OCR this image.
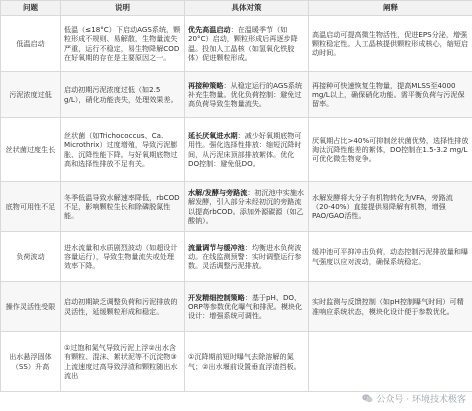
问题	说明	具体对策	阐释
低温启动	低温（≤18°C）下启动AGS系统，颗粒形成不规则、易解散，生物量流失严重，运行不稳定，易生物降解COD在好氧期的存在是主要原因之一。	优先高温启动：在温暖季节（如20°C）启动，颗粒形成后再逐步降温。投加人工晶核（如氢氧化铁胶体）促进颗粒形成。	高温启动可提高微生物活性，促进EPS分泌，增强颗粒稳定性。人工晶核提供颗粒形成核心，缩短启动时间。
污泥浓度过低	启动初期污泥浓度过低（如2.5 g/L），硝化功能丧失，处理效果差。	再接种策略：从稳定运行的AGS系统补充生物量。优化负荷控制：避免过高负荷导致生物量流失。	再接种可快速恢复生物量，提高MLSS至4000 mg/L以上，确保硝化功能。需平衡负荷与污泥保留率。
丝状菌过度生长	丝状菌（如Trichococcus、Ca. Microthrix）过度增殖，导致污泥膨胀、沉降性能下降。与好氧期底物过高和选择性排放不足有关。	延长厌氧进水期：减少好氧期底物可用性。强化选择性排放：缩短沉降时间，从污泥床顶部排放絮体。优化DO控制：避免低DO。	厌氧期占比>40%可抑制丝状菌优势，选择性排放淘汰沉降性能差的絮体，DO控制在1.5-3.2 mg/L可优化微生物竞争。
底物可用性不足	冬季低温导致水解速率降低，rbCOD不足，影响颗粒生长和除磷脱氮性能。	水解/发酵与旁路流：初沉池中实施水解发酵，引入部分未经初沉的旁路流以提高rbCOD。添加外源碳源（如乙酸钠）。	水解发酵将大分子有机物转化为VFA，旁路流（20-40%）直接提供易降解有机物，增强PAO/GAO活性。
负荷波动	进水流量和水质剧烈波动（如超设计容量运行），导致生物量流失或处理效率下降。	流量调节与缓冲池：均衡进水负荷波动。在线监测预警：实时调整运行参数。灵活调整污泥排放。	缓冲池可平抑冲击负荷，动态控制污泥排放量和曝气强度以应对波动，确保系统稳定。
操作灵活性受限	启动初期缺乏调整负荷和污泥排放的灵活性，延缓颗粒形成和稳定。	开发精细控制策略：基于pH、DO、ORP等参数优化曝气和排泥。模块化设计：增强系统可调性。	实时监测与反馈控制（如pH控制曝气时间）可精准响应系统状态，模块化设计便于参数优化。
出水悬浮固体（SS）升高	①过饱和氮气导致污泥上浮②出水含有颗粒、混沫、絮状泥等不沉淀物③上流速度过高导致浮渣和颗粒随出水流出	①沉降期前短时曝气去除溶解的氮气；②出水堰前设置垂直浮渣挡板。	
公众号 · 环境技术极客
